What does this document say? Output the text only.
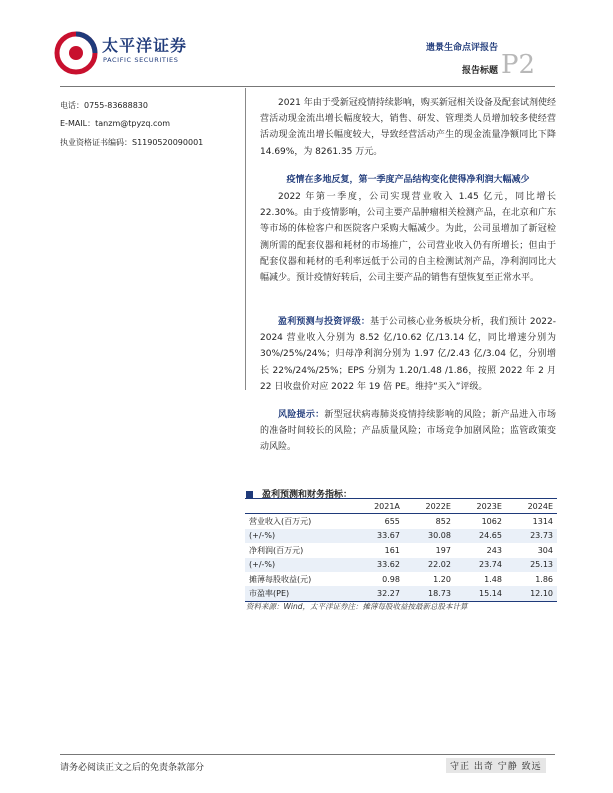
太平洋证券
PACIFIC SECURITIES
遗景生命点评报告
报告标题 P2
电话：0755-83688830
E-MAIL：tanzm@tpyzq.com
执业资格证书编码：S1190520090001
2021 年由于受新冠疫情持续影响，购买新冠相关设备及配套试剂使经营活动现金流出增长幅度较大，销售、研发、管理类人员增加较多使经营活动现金流出增长幅度较大，导致经营活动产生的现金流量净额同比下降 14.69%，为 8261.35 万元。
疫情在多地反复，第一季度产品结构变化使得净利润大幅减少
2022 年第一季度，公司实现营业收入 1.45 亿元，同比增长 22.30%。由于疫情影响，公司主要产品肿瘤相关检测产品，在北京和广东等市场的体检客户和医院客户采购大幅减少。为此，公司虽增加了新冠检测所需的配套仪器和耗材的市场推广，公司营业收入仍有所增长；但由于配套仪器和耗材的毛利率远低于公司的自主检测试剂产品，净利润同比大幅减少。预计疫情好转后，公司主要产品的销售有望恢复至正常水平。
盈利预测与投资评级：基于公司核心业务板块分析，我们预计 2022-2024 营业收入分别为 8.52 亿/10.62 亿/13.14 亿，同比增速分别为 30%/25%/24%；归母净利润分别为 1.97 亿/2.43 亿/3.04 亿，分别增长 22%/24%/25%；EPS 分别为 1.20/1.48 /1.86，按照 2022 年 2 月 22 日收盘价对应 2022 年 19 倍 PE。维持“买入”评级。
风险提示：新型冠状病毒肺炎疫情持续影响的风险；新产品进入市场的准备时间较长的风险；产品质量风险；市场竞争加剧风险；监管政策变动风险。
盈利预测和财务指标：
	2021A	2022E	2023E	2024E
营业收入(百万元)	655	852	1062	1314
(+/-%)	33.67	30.08	24.65	23.73
净利润(百万元)	161	197	243	304
(+/-%)	33.62	22.02	23.74	25.13
摊薄每股收益(元)	0.98	1.20	1.48	1.86
市盈率(PE)	32.27	18.73	15.14	12.10
资料来源：Wind，太平洋证券注：摊薄每股收益按最新总股本计算
请务必阅读正文之后的免责条款部分	守正 出奇 宁静 致远
